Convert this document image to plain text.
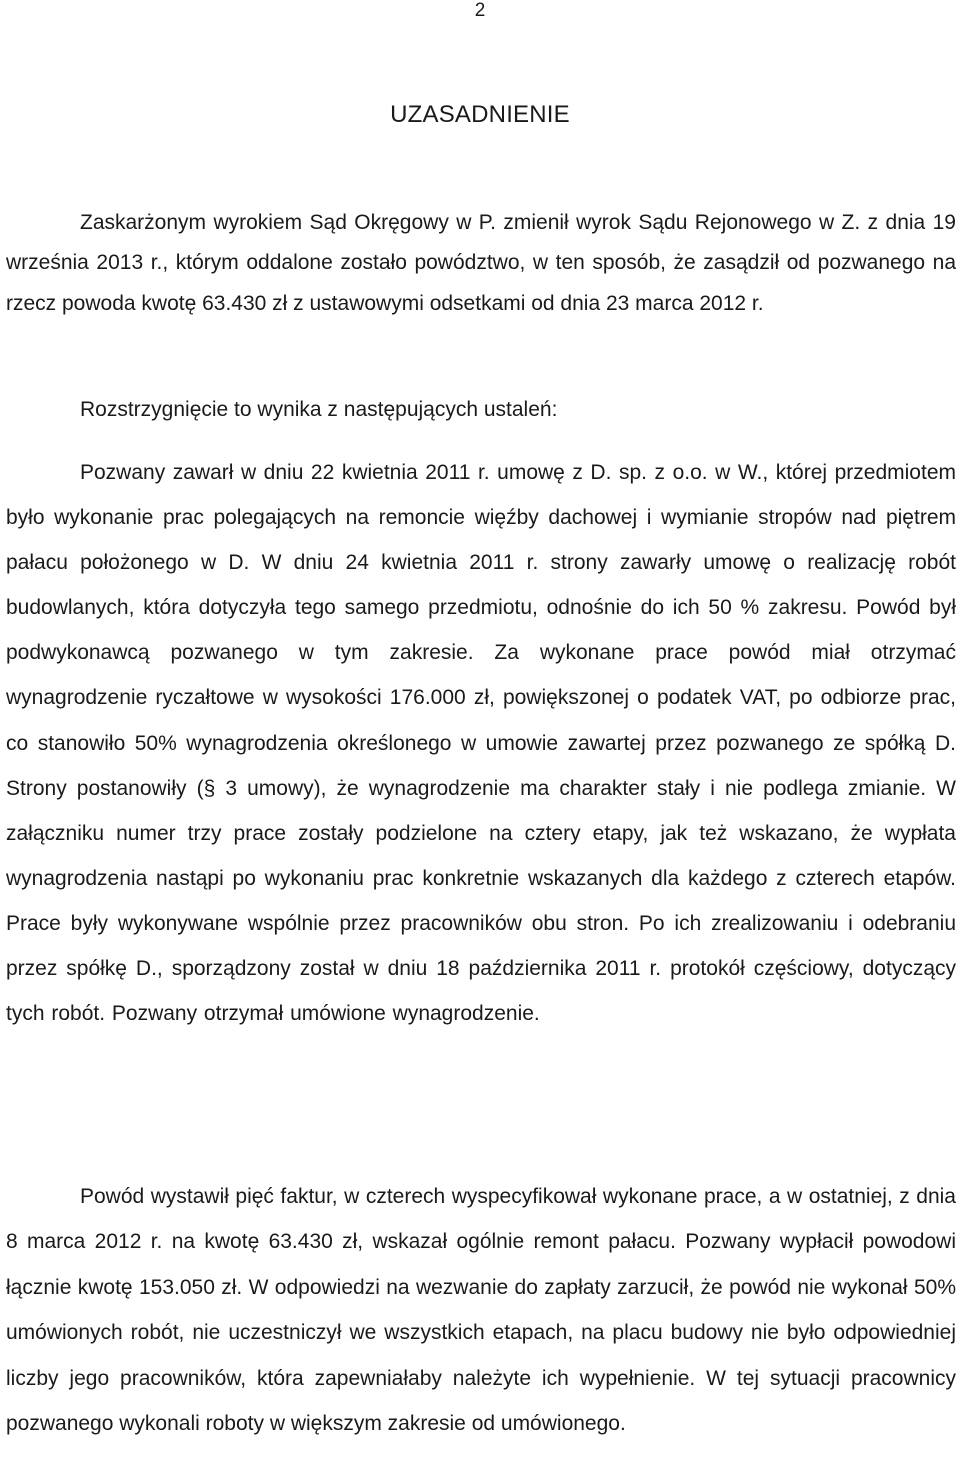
2
UZASADNIENIE

Zaskarżonym wyrokiem Sąd Okręgowy w P. zmienił wyrok Sądu Rejonowego w Z. z dnia 19 września 2013 r., którym oddalone zostało powództwo, w ten sposób, że zasądził od pozwanego na rzecz powoda kwotę 63.430 zł z ustawowymi odsetkami od dnia 23 marca 2012 r.

Rozstrzygnięcie to wynika z następujących ustaleń:

Pozwany zawarł w dniu 22 kwietnia 2011 r. umowę z D. sp. z o.o. w W., której przedmiotem było wykonanie prac polegających na remoncie więźby dachowej i wymianie stropów nad piętrem pałacu położonego w D. W dniu 24 kwietnia 2011 r. strony zawarły umowę o realizację robót budowlanych, która dotyczyła tego samego przedmiotu, odnośnie do ich 50 % zakresu. Powód był podwykonawcą pozwanego w tym zakresie. Za wykonane prace powód miał otrzymać wynagrodzenie ryczałtowe w wysokości 176.000 zł, powiększonej o podatek VAT, po odbiorze prac, co stanowiło 50% wynagrodzenia określonego w umowie zawartej przez pozwanego ze spółką D. Strony postanowiły (§ 3 umowy), że wynagrodzenie ma charakter stały i nie podlega zmianie. W załączniku numer trzy prace zostały podzielone na cztery etapy, jak też wskazano, że wypłata wynagrodzenia nastąpi po wykonaniu prac konkretnie wskazanych dla każdego z czterech etapów. Prace były wykonywane wspólnie przez pracowników obu stron. Po ich zrealizowaniu i odebraniu przez spółkę D., sporządzony został w dniu 18 października 2011 r. protokół częściowy, dotyczący tych robót. Pozwany otrzymał umówione wynagrodzenie.

Powód wystawił pięć faktur, w czterech wyspecyfikował wykonane prace, a w ostatniej, z dnia 8 marca 2012 r. na kwotę 63.430 zł, wskazał ogólnie remont pałacu. Pozwany wypłacił powodowi łącznie kwotę 153.050 zł. W odpowiedzi na wezwanie do zapłaty zarzucił, że powód nie wykonał 50% umówionych robót, nie uczestniczył we wszystkich etapach, na placu budowy nie było odpowiedniej liczby jego pracowników, która zapewniałaby należyte ich wypełnienie. W tej sytuacji pracownicy pozwanego wykonali roboty w większym zakresie od umówionego.
